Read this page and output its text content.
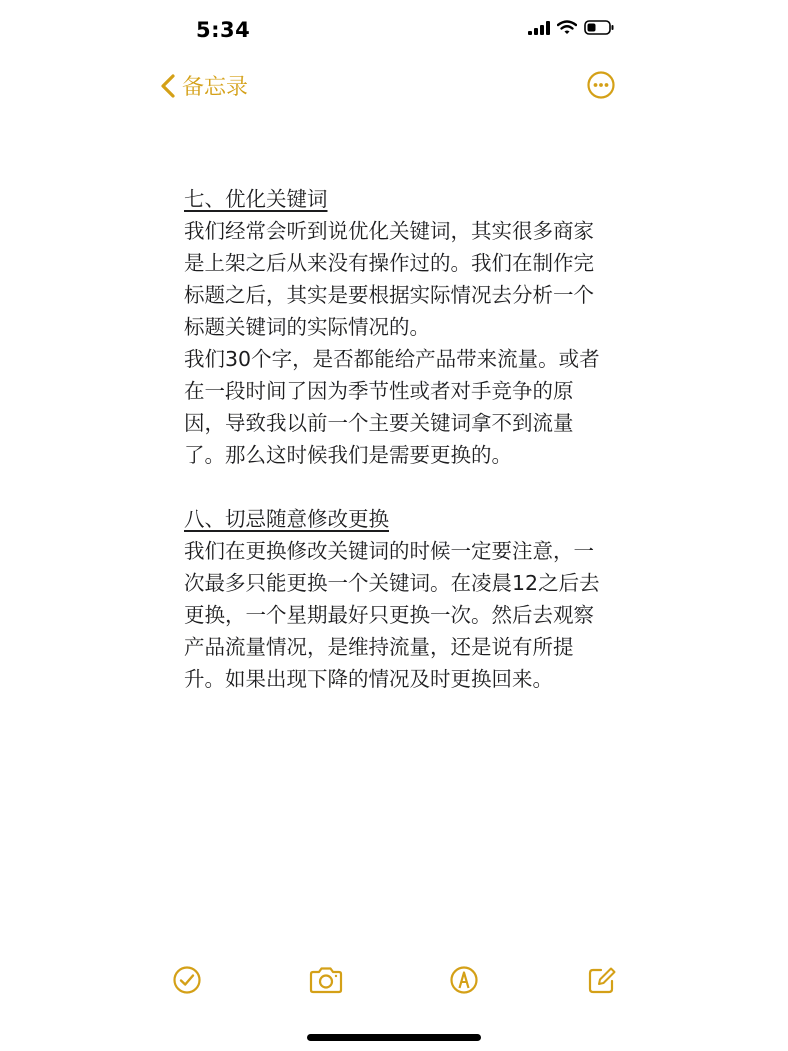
5:34
备忘录

七、优化关键词

我们经常会听到说优化关键词，其实很多商家是上架之后从来没有操作过的。我们在制作完标题之后，其实是要根据实际情况去分析一个标题关键词的实际情况的。

我们30个字，是否都能给产品带来流量。或者在一段时间了因为季节性或者对手竞争的原因，导致我以前一个主要关键词拿不到流量了。那么这时候我们是需要更换的。

八、切忌随意修改更换

我们在更换修改关键词的时候一定要注意，一次最多只能更换一个关键词。在凌晨12之后去更换，一个星期最好只更换一次。然后去观察产品流量情况，是维持流量，还是说有所提升。如果出现下降的情况及时更换回来。
